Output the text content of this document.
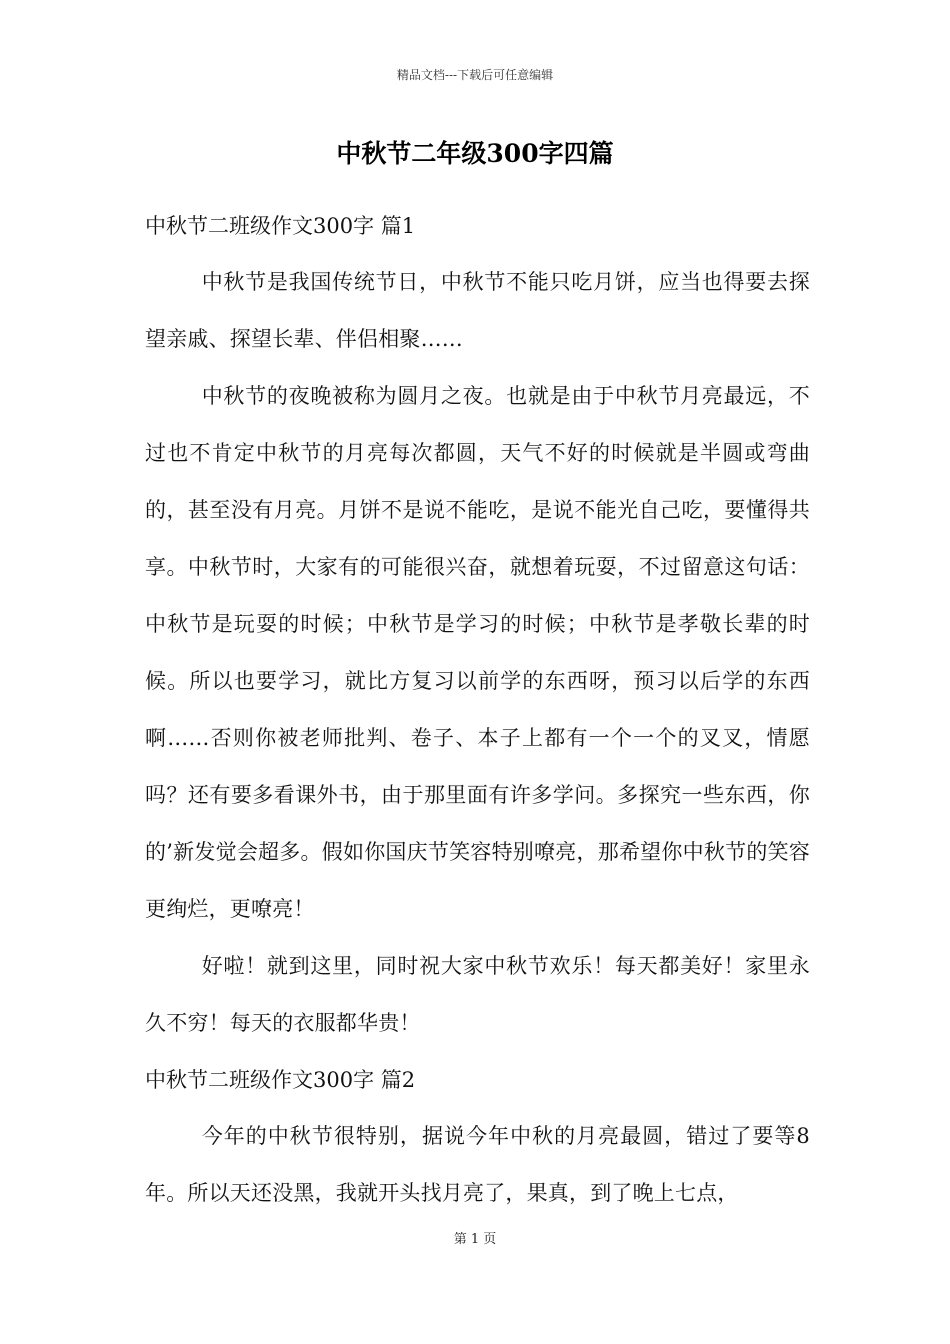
精品文档---下载后可任意编辑
中秋节二年级300字四篇
中秋节二班级作文300字 篇1

中秋节是我国传统节日，中秋节不能只吃月饼，应当也得要去探望亲戚、探望长辈、伴侣相聚……

中秋节的夜晚被称为圆月之夜。也就是由于中秋节月亮最远，不过也不肯定中秋节的月亮每次都圆，天气不好的时候就是半圆或弯曲的，甚至没有月亮。月饼不是说不能吃，是说不能光自己吃，要懂得共享。中秋节时，大家有的可能很兴奋，就想着玩耍，不过留意这句话：中秋节是玩耍的时候；中秋节是学习的时候；中秋节是孝敬长辈的时候。所以也要学习，就比方复习以前学的东西呀，预习以后学的东西啊……否则你被老师批判、卷子、本子上都有一个一个的叉叉，情愿吗？还有要多看课外书，由于那里面有许多学问。多探究一些东西，你的’新发觉会超多。假如你国庆节笑容特别嘹亮，那希望你中秋节的笑容更绚烂，更嘹亮！

好啦！就到这里，同时祝大家中秋节欢乐！每天都美好！家里永久不穷！每天的衣服都华贵！

中秋节二班级作文300字 篇2

今年的中秋节很特别，据说今年中秋的月亮最圆，错过了要等8年。所以天还没黑，我就开头找月亮了，果真，到了晚上七点，

第 1 页
